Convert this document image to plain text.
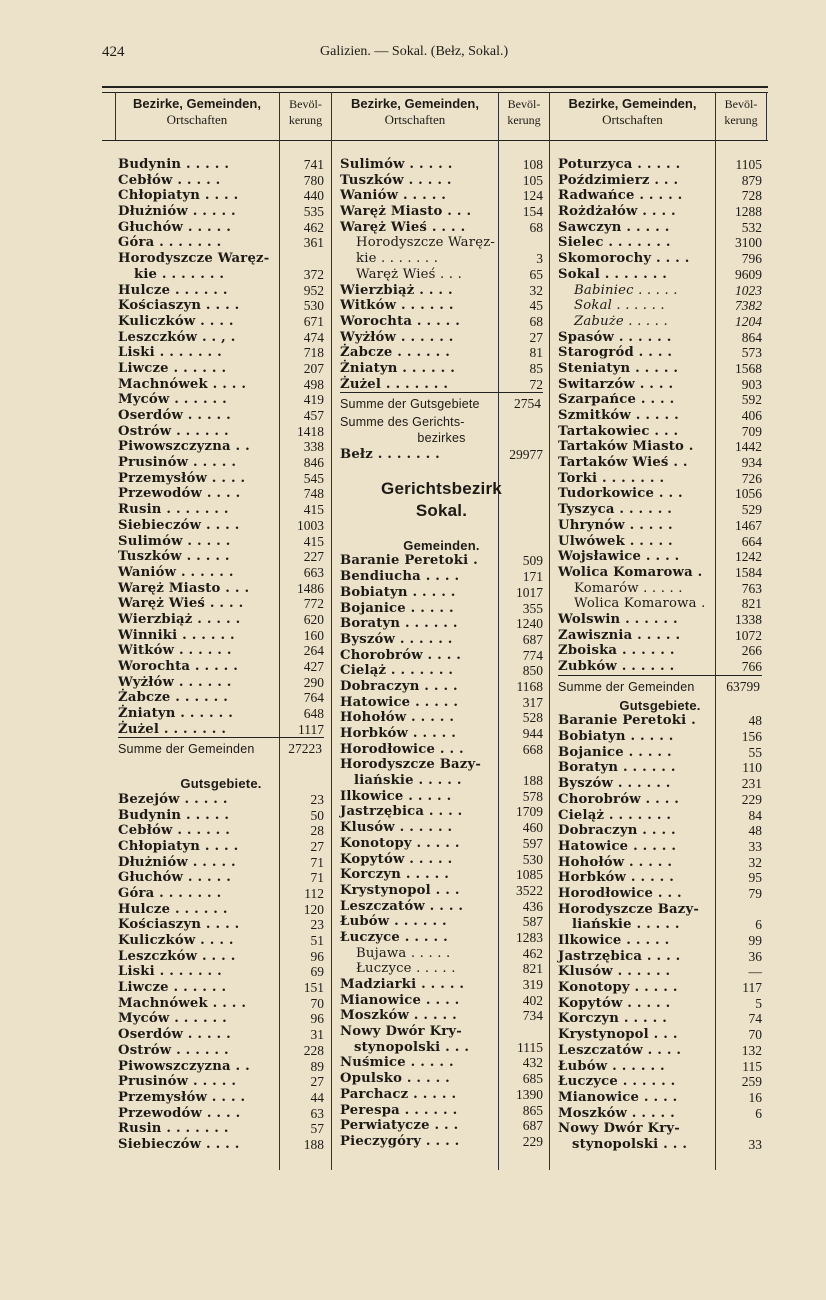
424	Galizien. — Sokal. (Bełz, Sokal.)
Bezirke, Gemeinden,
Ortschaften
Bevöl-
kerung
Bezirke, Gemeinden,
Ortschaften
Bevöl-
kerung
Bezirke, Gemeinden,
Ortschaften
Bevöl-
kerung
Budynin . . . . .	741
Cebłów . . . . .	780
Chłopiatyn . . . .	440
Dłużniów . . . . .	535
Głuchów . . . . .	462
Góra . . . . . . .	361
Horodyszcze Waręz-
kie . . . . . . .	372
Hulcze . . . . . .	952
Kościaszyn . . . .	530
Kuliczków . . . .	671
Leszczków . . , .	474
Liski . . . . . . .	718
Liwcze . . . . . .	207
Machnówek . . . .	498
Myców . . . . . .	419
Oserdów . . . . .	457
Ostrów . . . . . .	1418
Piwowszczyzna . .	338
Prusinów . . . . .	846
Przemysłów . . . .	545
Przewodów . . . .	748
Rusin . . . . . . .	415
Siebieczów . . . .	1003
Sulimów . . . . .	415
Tuszków . . . . .	227
Waniów . . . . . .	663
Waręż Miasto . . .	1486
Waręż Wieś . . . .	772
Wierzbiąż . . . . .	620
Winniki . . . . . .	160
Witków . . . . . .	264
Worochta . . . . .	427
Wyżłów . . . . . .	290
Żabcze . . . . . .	764
Żniatyn . . . . . .	648
Żużel . . . . . . .	1117
Summe der Gemeinden 27223
Gutsgebiete.
Bezejów . . . . .	23
Budynin . . . . .	50
Cebłów . . . . . .	28
Chłopiatyn . . . .	27
Dłużniów . . . . .	71
Głuchów . . . . .	71
Góra . . . . . . .	112
Hulcze . . . . . .	120
Kościaszyn . . . .	23
Kuliczków . . . .	51
Leszczków . . . .	96
Liski . . . . . . .	69
Liwcze . . . . . .	151
Machnówek . . . .	70
Myców . . . . . .	96
Oserdów . . . . .	31
Ostrów . . . . . .	228
Piwowszczyzna . .	89
Prusinów . . . . .	27
Przemysłów . . . .	44
Przewodów . . . .	63
Rusin . . . . . . .	57
Siebieczów . . . .	188
Sulimów . . . . .	108
Tuszków . . . . .	105
Waniów . . . . .	124
Waręż Miasto . . .	154
Waręż Wieś . . . .	68
Horodyszcze Waręz-
kie . . . . . . .	3
Waręż Wieś . . .	65
Wierzbiąż . . . .	32
Witków . . . . . .	45
Worochta . . . . .	68
Wyżłów . . . . . .	27
Żabcze . . . . . .	81
Żniatyn . . . . . .	85
Żużel . . . . . . .	72
Summe der Gutsgebiete	2754
Summe des Gerichts-
bezirkes
Bełz . . . . . . .	29977
Gerichtsbezirk
Sokal.
Gemeinden.
Baranie Peretoki .	509
Bendiucha . . . .	171
Bobiatyn . . . . .	1017
Bojanice . . . . .	355
Boratyn . . . . . .	1240
Byszów . . . . . .	687
Chorobrów . . . .	774
Cieląż . . . . . . .	850
Dobraczyn . . . .	1168
Hatowice . . . . .	317
Hohołów . . . . .	528
Horbków . . . . .	944
Horodłowice . . .	668
Horodyszcze Bazy-
liańskie . . . . .	188
Ilkowice . . . . .	578
Jastrzębica . . . .	1709
Klusów . . . . . .	460
Konotopy . . . . .	597
Kopytów . . . . .	530
Korczyn . . . . .	1085
Krystynopol . . .	3522
Leszczatów . . . .	436
Łubów . . . . . .	587
Łuczyce . . . . .	1283
Bujawa . . . . .	462
Łuczyce . . . . .	821
Madziarki . . . . .	319
Mianowice . . . .	402
Moszków . . . . .	734
Nowy Dwór Kry-
stynopolski . . .	1115
Nuśmice . . . . .	432
Opulsko . . . . .	685
Parchacz . . . . .	1390
Perespa . . . . . .	865
Perwiatycze . . .	687
Pieczygóry . . . .	229
Poturzyca . . . . .	1105
Poździmierz . . .	879
Radwańce . . . . .	728
Rożdżałów . . . .	1288
Sawczyn . . . . .	532
Sielec . . . . . . .	3100
Skomorochy . . . .	796
Sokal . . . . . . .	9609
Babiniec . . . . .	1023
Sokal . . . . . .	7382
Zabuże . . . . .	1204
Spasów . . . . . .	864
Starogród . . . .	573
Steniatyn . . . . .	1568
Switarzów . . . .	903
Szarpańce . . . .	592
Szmitków . . . . .	406
Tartakowiec . . .	709
Tartaków Miasto .	1442
Tartaków Wieś . .	934
Torki . . . . . . .	726
Tudorkowice . . .	1056
Tyszyca . . . . . .	529
Uhrynów . . . . .	1467
Ulwówek . . . . .	664
Wojsławice . . . .	1242
Wolica Komarowa . 1584
Komarów . . . . .	763
Wolica Komarowa .	821
Wolswin . . . . . .	1338
Zawisznia . . . . .	1072
Zboiska . . . . . .	266
Zubków . . . . . .	766
Summe der Gemeinden 63799
Gutsgebiete.
Baranie Peretoki .	48
Bobiatyn . . . . .	156
Bojanice . . . . .	55
Boratyn . . . . . .	110
Byszów . . . . . .	231
Chorobrów . . . .	229
Cieląż . . . . . . .	84
Dobraczyn . . . .	48
Hatowice . . . . .	33
Hohołów . . . . .	32
Horbków . . . . .	95
Horodłowice . . .	79
Horodyszcze Bazy-
liańskie . . . . .	6
Ilkowice . . . . .	99
Jastrzębica . . . .	36
Klusów . . . . . .	—
Konotopy . . . . .	117
Kopytów . . . . .	5
Korczyn . . . . .	74
Krystynopol . . .	70
Leszczatów . . . .	132
Łubów . . . . . .	115
Łuczyce . . . . . .	259
Mianowice . . . .	16
Moszków . . . . .	6
Nowy Dwór Kry-
stynopolski . . .	33
